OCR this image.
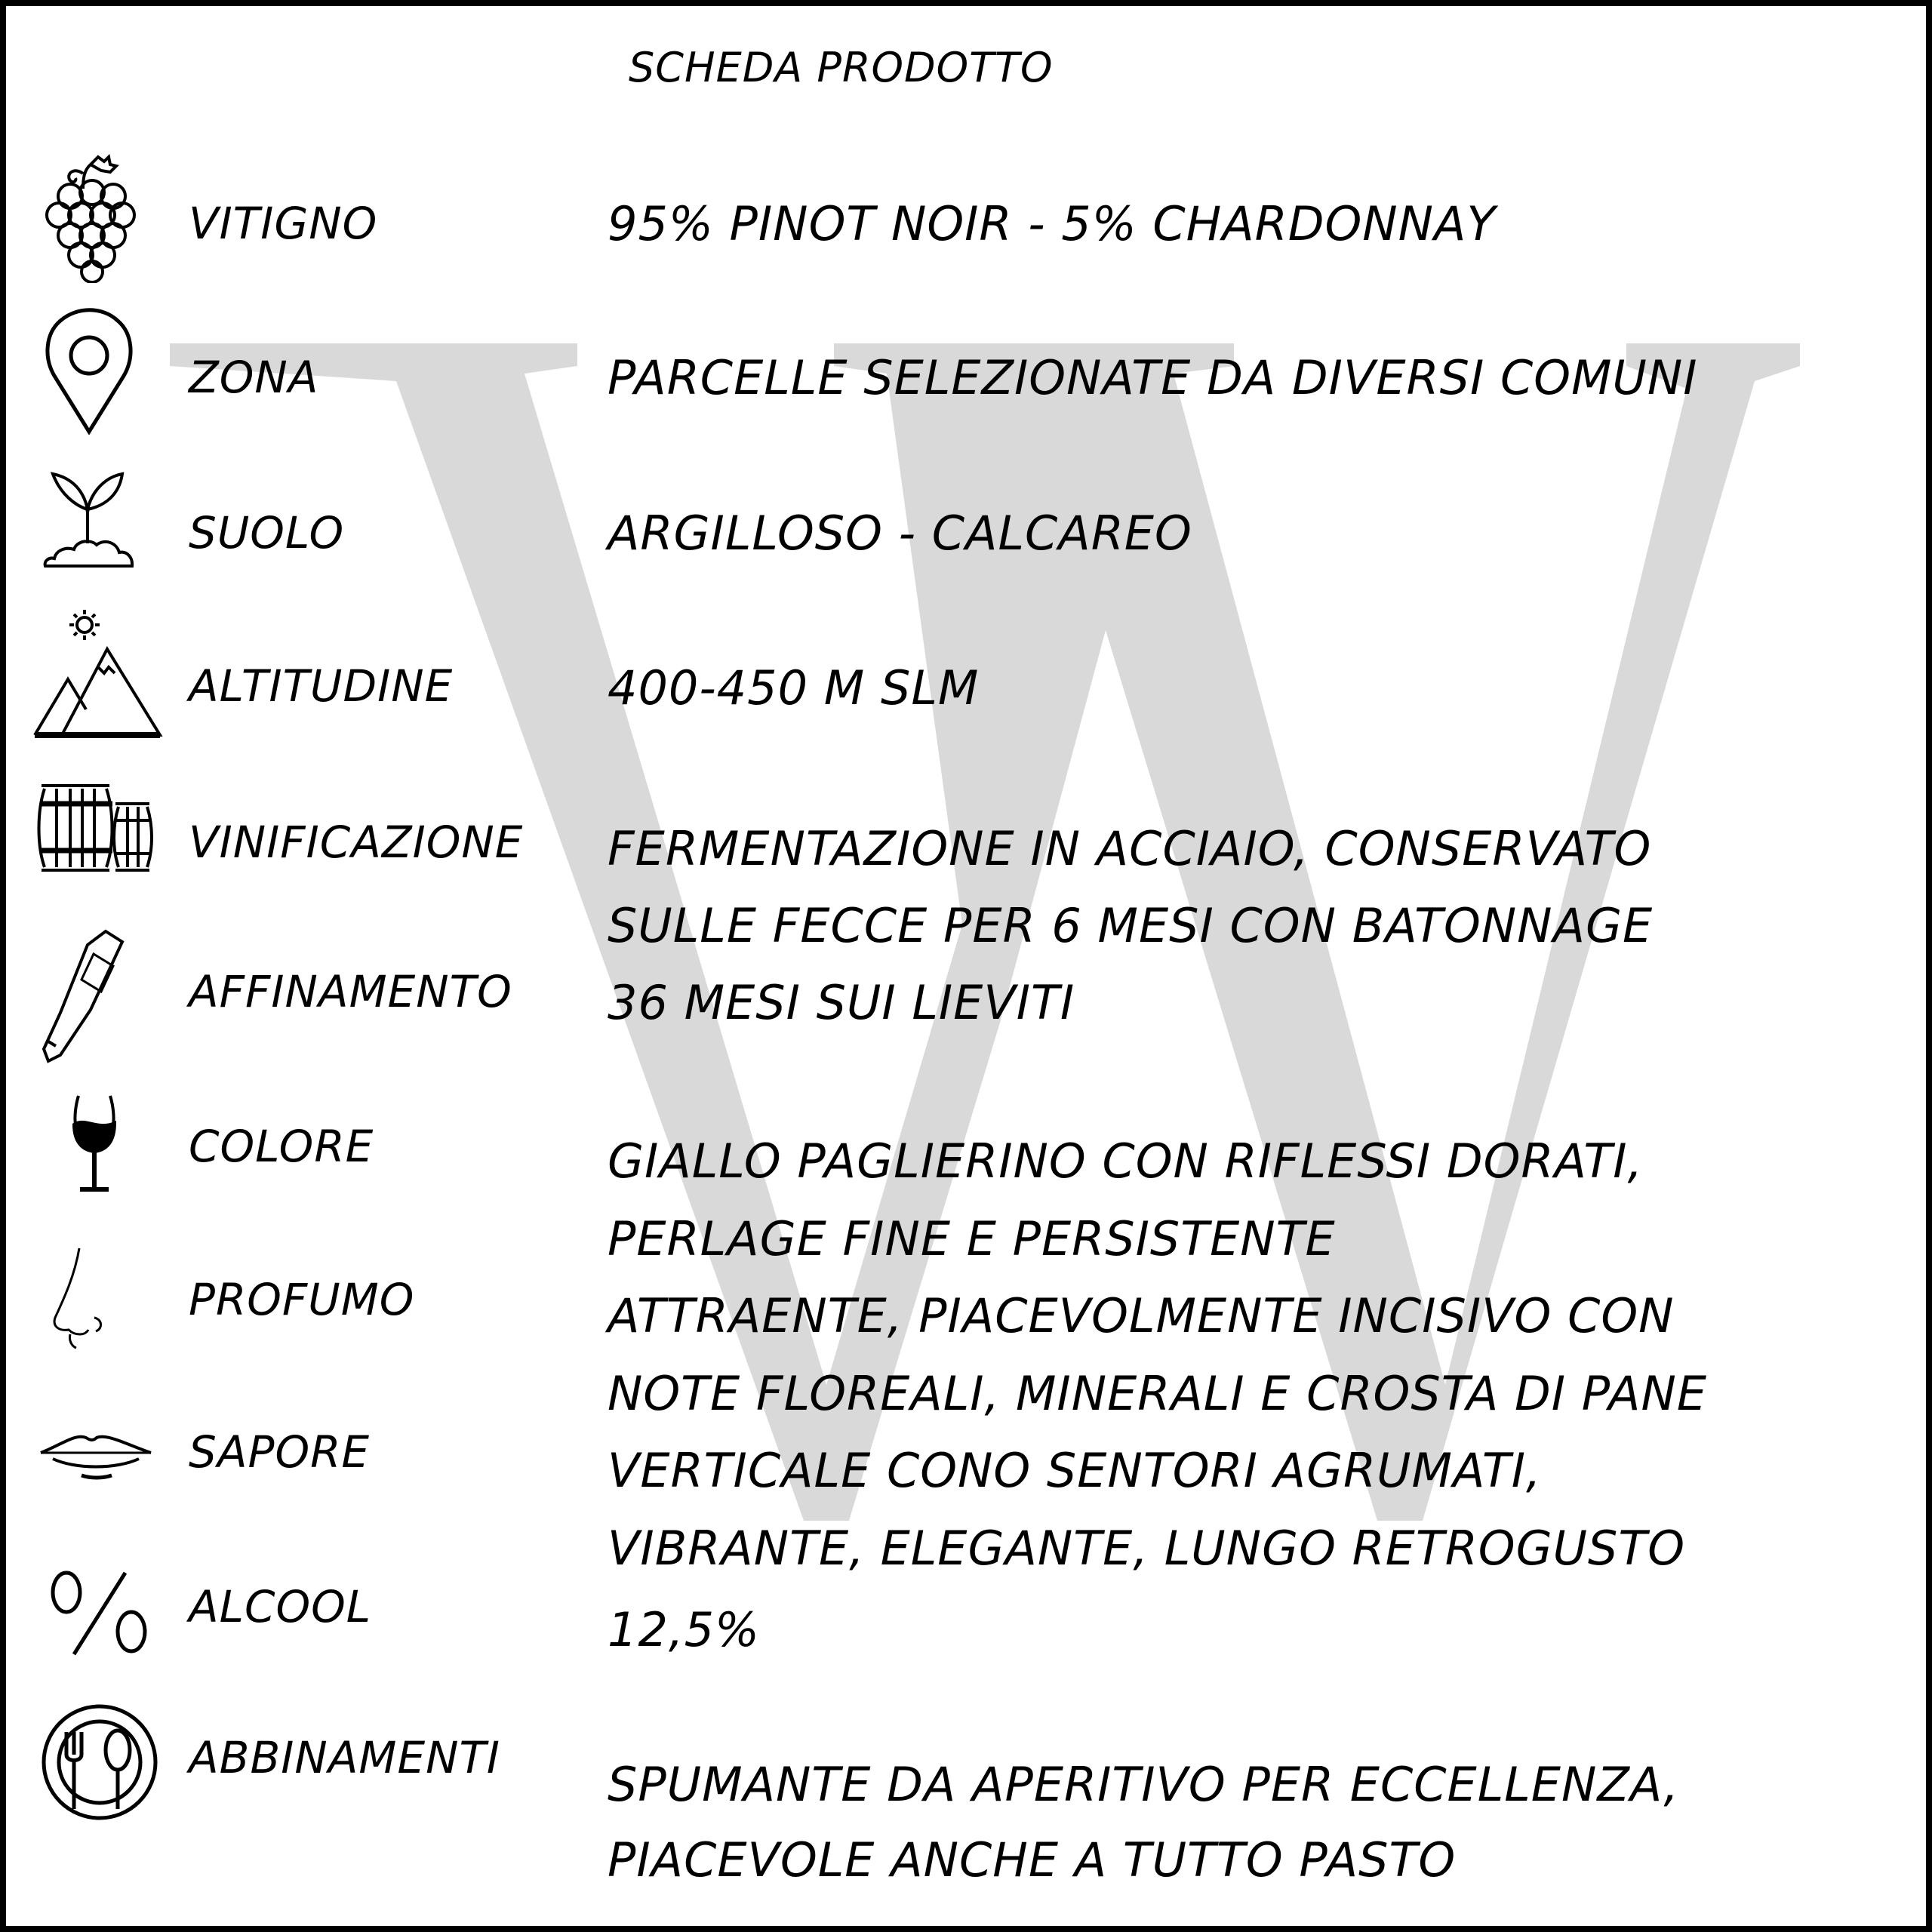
SCHEDA PRODOTTO
VITIGNO	95% PINOT NOIR - 5% CHARDONNAY
ZONA	PARCELLE SELEZIONATE DA DIVERSI COMUNI
SUOLO	ARGILLOSO - CALCAREO
ALTITUDINE	400-450 M SLM
VINIFICAZIONE FERMENTAZIONE IN ACCIAIO, CONSERVATO
SULLE FECCE PER 6 MESI CON BATONNAGE
AFFINAMENTO 36 MESI SUI LIEVITI
COLORE	GIALLO PAGLIERINO CON RIFLESSI DORATI,
PERLAGE FINE E PERSISTENTE
PROFUMO	ATTRAENTE, PIACEVOLMENTE INCISIVO CON
NOTE FLOREALI, MINERALI E CROSTA DI PANE
SAPORE	VERTICALE CONO SENTORI AGRUMATI,
VIBRANTE, ELEGANTE, LUNGO RETROGUSTO
ALCOOL	12,5%
ABBINAMENTI SPUMANTE DA APERITIVO PER ECCELLENZA,
PIACEVOLE ANCHE A TUTTO PASTO
